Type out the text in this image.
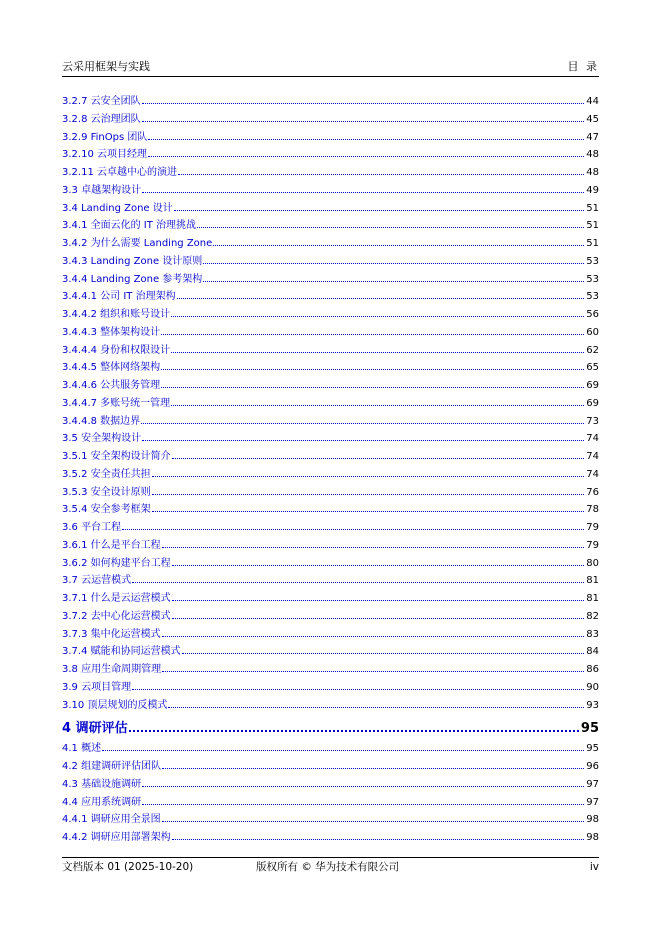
云采用框架与实践	目 录
3.2.7 云安全团队	44
3.2.8 云治理团队	45
3.2.9 FinOps 团队	47
3.2.10 云项目经理	48
3.2.11 云卓越中心的演进	48
3.3 卓越架构设计	49
3.4 Landing Zone 设计	51
3.4.1 全面云化的 IT 治理挑战	51
3.4.2 为什么需要 Landing Zone	51
3.4.3 Landing Zone 设计原则	53
3.4.4 Landing Zone 参考架构	53
3.4.4.1 公司 IT 治理架构	53
3.4.4.2 组织和账号设计	56
3.4.4.3 整体架构设计	60
3.4.4.4 身份和权限设计	62
3.4.4.5 整体网络架构	65
3.4.4.6 公共服务管理	69
3.4.4.7 多账号统一管理	69
3.4.4.8 数据边界	73
3.5 安全架构设计	74
3.5.1 安全架构设计简介	74
3.5.2 安全责任共担	74
3.5.3 安全设计原则	76
3.5.4 安全参考框架	78
3.6 平台工程	79
3.6.1 什么是平台工程	79
3.6.2 如何构建平台工程	80
3.7 云运营模式	81
3.7.1 什么是云运营模式	81
3.7.2 去中心化运营模式	82
3.7.3 集中化运营模式	83
3.7.4 赋能和协同运营模式	84
3.8 应用生命周期管理	86
3.9 云项目管理	90
3.10 顶层规划的反模式	93
4 调研评估	95
4.1 概述	95
4.2 组建调研评估团队	96
4.3 基础设施调研	97
4.4 应用系统调研	97
4.4.1 调研应用全景图	98
4.4.2 调研应用部署架构	98
文档版本 01 (2025-10-20)	版权所有 © 华为技术有限公司	iv
